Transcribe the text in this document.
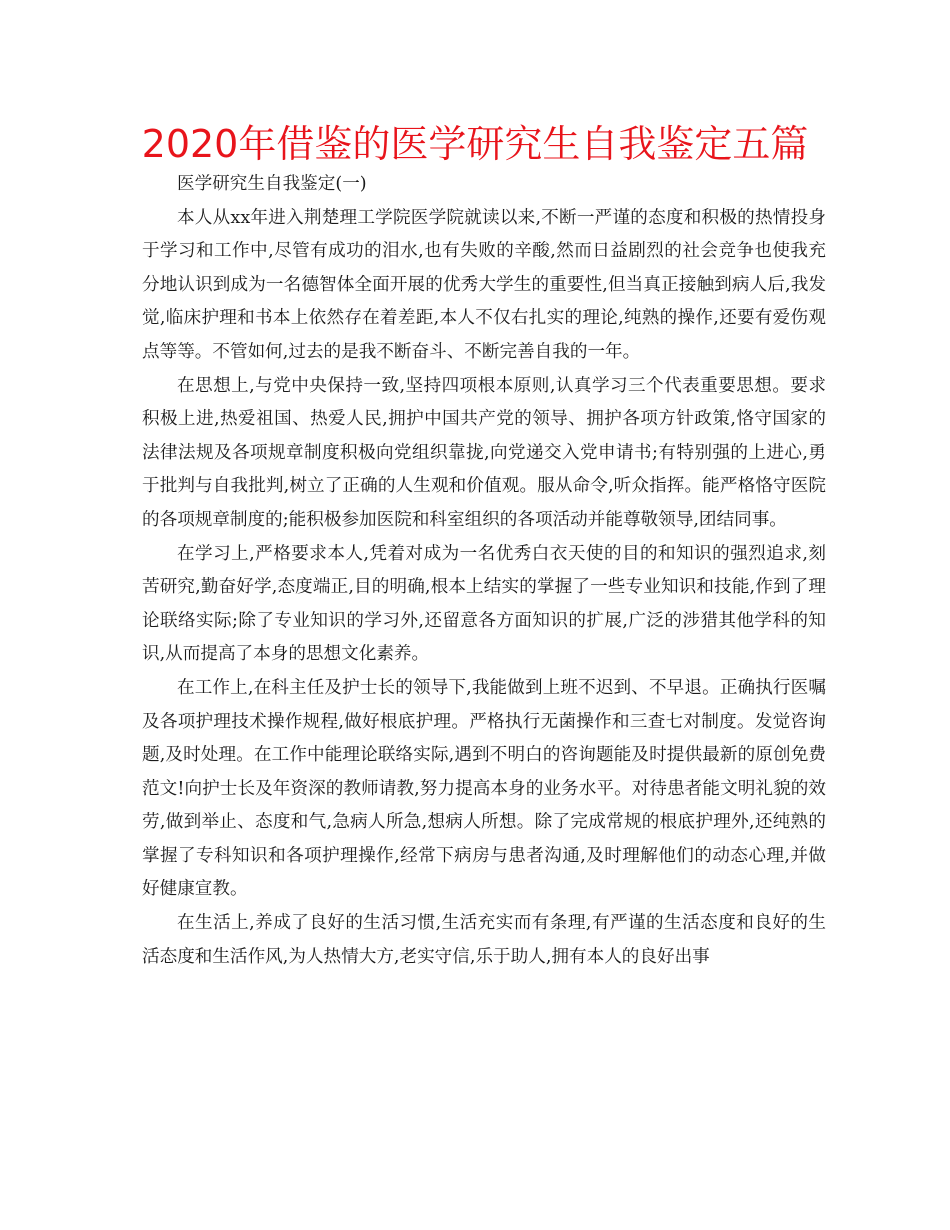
2020年借鉴的医学研究生自我鉴定五篇

医学研究生自我鉴定(一)

本人从xx年进入荆楚理工学院医学院就读以来,不断一严谨的态度和积极的热情投身于学习和工作中,尽管有成功的泪水,也有失败的辛酸,然而日益剧烈的社会竞争也使我充分地认识到成为一名德智体全面开展的优秀大学生的重要性,但当真正接触到病人后,我发觉,临床护理和书本上依然存在着差距,本人不仅右扎实的理论,纯熟的操作,还要有爱伤观点等等。不管如何,过去的是我不断奋斗、不断完善自我的一年。

在思想上,与党中央保持一致,坚持四项根本原则,认真学习三个代表重要思想。要求积极上进,热爱祖国、热爱人民,拥护中国共产党的领导、拥护各项方针政策,恪守国家的法律法规及各项规章制度积极向党组织靠拢,向党递交入党申请书;有特别强的上进心,勇于批判与自我批判,树立了正确的人生观和价值观。服从命令,听众指挥。能严格恪守医院的各项规章制度的;能积极参加医院和科室组织的各项活动并能尊敬领导,团结同事。

在学习上,严格要求本人,凭着对成为一名优秀白衣天使的目的和知识的强烈追求,刻苦研究,勤奋好学,态度端正,目的明确,根本上结实的掌握了一些专业知识和技能,作到了理论联络实际;除了专业知识的学习外,还留意各方面知识的扩展,广泛的涉猎其他学科的知识,从而提高了本身的思想文化素养。

在工作上,在科主任及护士长的领导下,我能做到上班不迟到、不早退。正确执行医嘱及各项护理技术操作规程,做好根底护理。严格执行无菌操作和三查七对制度。发觉咨询题,及时处理。在工作中能理论联络实际,遇到不明白的咨询题能及时提供最新的原创免费范文!向护士长及年资深的教师请教,努力提高本身的业务水平。对待患者能文明礼貌的效劳,做到举止、态度和气,急病人所急,想病人所想。除了完成常规的根底护理外,还纯熟的掌握了专科知识和各项护理操作,经常下病房与患者沟通,及时理解他们的动态心理,并做好健康宣教。

在生活上,养成了良好的生活习惯,生活充实而有条理,有严谨的生活态度和良好的生活态度和生活作风,为人热情大方,老实守信,乐于助人,拥有本人的良好出事
